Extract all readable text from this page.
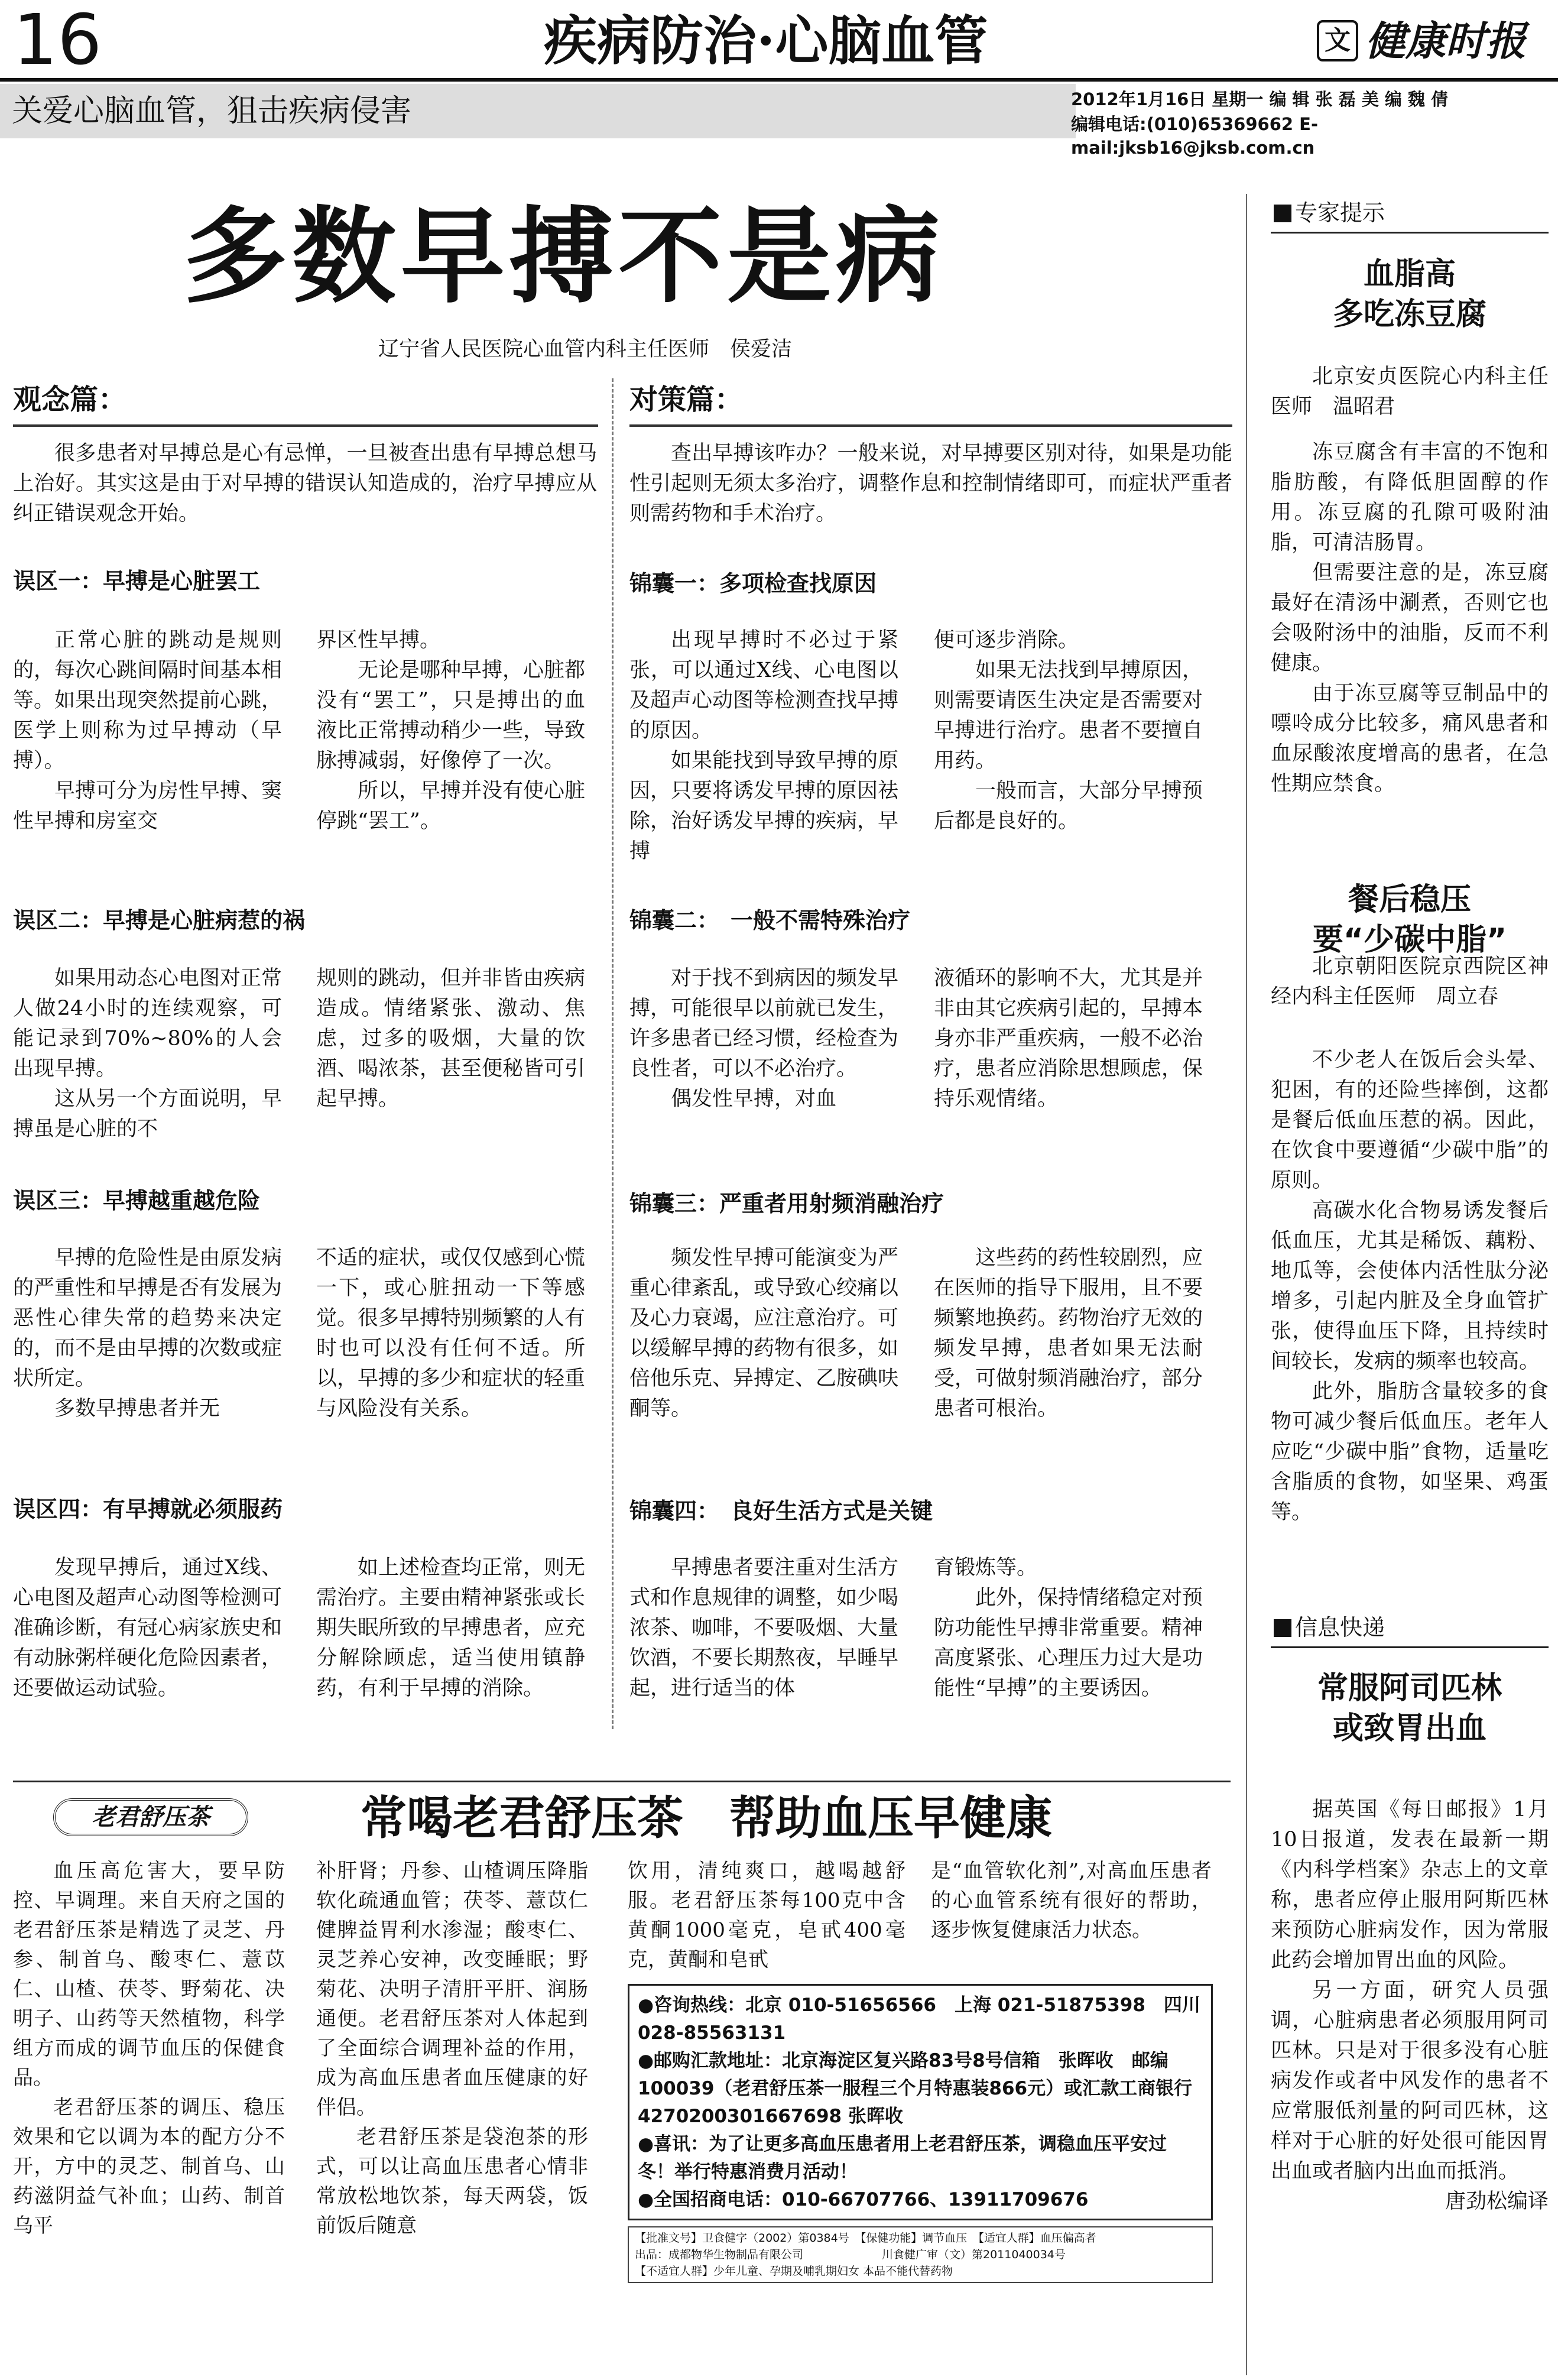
16	疾病防治·心脑血管	文 健康时报
关爱心脑血管，狙击疾病侵害	2012年1月16日 星期一 编 辑 张 磊 美 编 魏 倩
编辑电话:(010)65369662 E-mail:jksb16@jksb.com.cn
多数早搏不是病
辽宁省人民医院心血管内科主任医师　侯爱洁
观念篇：

很多患者对早搏总是心有忌惮，一旦被查出患有早搏总想马上治好。其实这是由于对早搏的错误认知造成的，治疗早搏应从纠正错误观念开始。

误区一：早搏是心脏罢工

正常心脏的跳动是规则的，每次心跳间隔时间基本相等。如果出现突然提前心跳，医学上则称为过早搏动（早搏）。

早搏可分为房性早搏、窦性早搏和房室交

界区性早搏。

无论是哪种早搏，心脏都没有“罢工”，只是搏出的血液比正常搏动稍少一些，导致脉搏减弱，好像停了一次。

所以，早搏并没有使心脏停跳“罢工”。

误区二：早搏是心脏病惹的祸

如果用动态心电图对正常人做24小时的连续观察，可能记录到70%~80%的人会出现早搏。

这从另一个方面说明，早搏虽是心脏的不

规则的跳动，但并非皆由疾病造成。情绪紧张、激动、焦虑，过多的吸烟，大量的饮酒、喝浓茶，甚至便秘皆可引起早搏。

误区三：早搏越重越危险

早搏的危险性是由原发病的严重性和早搏是否有发展为恶性心律失常的趋势来决定的，而不是由早搏的次数或症状所定。

多数早搏患者并无

不适的症状，或仅仅感到心慌一下，或心脏扭动一下等感觉。很多早搏特别频繁的人有时也可以没有任何不适。所以，早搏的多少和症状的轻重与风险没有关系。

误区四：有早搏就必须服药

发现早搏后，通过X线、心电图及超声心动图等检测可准确诊断，有冠心病家族史和有动脉粥样硬化危险因素者，还要做运动试验。

如上述检查均正常，则无需治疗。主要由精神紧张或长期失眠所致的早搏患者，应充分解除顾虑，适当使用镇静药，有利于早搏的消除。

对策篇：

查出早搏该咋办？一般来说，对早搏要区别对待，如果是功能性引起则无须太多治疗，调整作息和控制情绪即可，而症状严重者则需药物和手术治疗。

锦囊一：多项检查找原因

出现早搏时不必过于紧张，可以通过X线、心电图以及超声心动图等检测查找早搏的原因。

如果能找到导致早搏的原因，只要将诱发早搏的原因祛除，治好诱发早搏的疾病，早搏

便可逐步消除。

如果无法找到早搏原因，则需要请医生决定是否需要对早搏进行治疗。患者不要擅自用药。

一般而言，大部分早搏预后都是良好的。

锦囊二：　一般不需特殊治疗

对于找不到病因的频发早搏，可能很早以前就已发生，许多患者已经习惯，经检查为良性者，可以不必治疗。

偶发性早搏，对血

液循环的影响不大，尤其是并非由其它疾病引起的，早搏本身亦非严重疾病，一般不必治疗，患者应消除思想顾虑，保持乐观情绪。

锦囊三：严重者用射频消融治疗

频发性早搏可能演变为严重心律紊乱，或导致心绞痛以及心力衰竭，应注意治疗。可以缓解早搏的药物有很多，如倍他乐克、异搏定、乙胺碘呋酮等。

这些药的药性较剧烈，应在医师的指导下服用，且不要频繁地换药。药物治疗无效的频发早搏，患者如果无法耐受，可做射频消融治疗，部分患者可根治。

锦囊四：　良好生活方式是关键

早搏患者要注重对生活方式和作息规律的调整，如少喝浓茶、咖啡，不要吸烟、大量饮酒，不要长期熬夜，早睡早起，进行适当的体

育锻炼等。

此外，保持情绪稳定对预防功能性早搏非常重要。精神高度紧张、心理压力过大是功能性“早搏”的主要诱因。

老君舒压茶	常喝老君舒压茶　帮助血压早健康

血压高危害大，要早防控、早调理。来自天府之国的老君舒压茶是精选了灵芝、丹参、制首乌、酸枣仁、薏苡仁、山楂、茯苓、野菊花、决明子、山药等天然植物，科学组方而成的调节血压的保健食品。

老君舒压茶的调压、稳压效果和它以调为本的配方分不开，方中的灵芝、制首乌、山药滋阴益气补血；山药、制首乌平

补肝肾；丹参、山楂调压降脂软化疏通血管；茯苓、薏苡仁健脾益胃利水渗湿；酸枣仁、灵芝养心安神，改变睡眠；野菊花、决明子清肝平肝、润肠通便。老君舒压茶对人体起到了全面综合调理补益的作用，成为高血压患者血压健康的好伴侣。

老君舒压茶是袋泡茶的形式，可以让高血压患者心情非常放松地饮茶，每天两袋，饭前饭后随意

饮用，清纯爽口，越喝越舒服。老君舒压茶每100克中含黄酮1000毫克，皂甙400毫克，黄酮和皂甙

是“血管软化剂”,对高血压患者的心血管系统有很好的帮助，逐步恢复健康活力状态。

●咨询热线：北京 010-51656566　上海 021-51875398　四川028-85563131
●邮购汇款地址：北京海淀区复兴路83号8号信箱　张晖收　邮编100039（老君舒压茶一服程三个月特惠装866元）或汇款工商银行4270200301667698 张晖收
●喜讯：为了让更多高血压患者用上老君舒压茶，调稳血压平安过冬！举行特惠消费月活动！
●全国招商电话：010-66707766、13911709676
【批准文号】卫食健字（2002）第0384号　【保健功能】调节血压　【适宜人群】血压偏高者
出品：成都物华生物制品有限公司　　　　　　　川食健广审（文）第2011040034号
【不适宜人群】少年儿童、孕期及哺乳期妇女 本品不能代替药物
专家提示
血脂高
多吃冻豆腐

北京安贞医院心内科主任医师　温昭君

冻豆腐含有丰富的不饱和脂肪酸，有降低胆固醇的作用。冻豆腐的孔隙可吸附油脂，可清洁肠胃。

但需要注意的是，冻豆腐最好在清汤中涮煮，否则它也会吸附汤中的油脂，反而不利健康。

由于冻豆腐等豆制品中的嘌呤成分比较多，痛风患者和血尿酸浓度增高的患者，在急性期应禁食。

餐后稳压
要“少碳中脂”

北京朝阳医院京西院区神经内科主任医师　周立春

不少老人在饭后会头晕、犯困，有的还险些摔倒，这都是餐后低血压惹的祸。因此，在饮食中要遵循“少碳中脂”的原则。

高碳水化合物易诱发餐后低血压，尤其是稀饭、藕粉、地瓜等，会使体内活性肽分泌增多，引起内脏及全身血管扩张，使得血压下降，且持续时间较长，发病的频率也较高。

此外，脂肪含量较多的食物可减少餐后低血压。老年人应吃“少碳中脂”食物，适量吃含脂质的食物，如坚果、鸡蛋等。

信息快递
常服阿司匹林
或致胃出血

据英国《每日邮报》1月10日报道，发表在最新一期《内科学档案》杂志上的文章称，患者应停止服用阿斯匹林来预防心脏病发作，因为常服此药会增加胃出血的风险。

另一方面，研究人员强调，心脏病患者必须服用阿司匹林。只是对于很多没有心脏病发作或者中风发作的患者不应常服低剂量的阿司匹林，这样对于心脏的好处很可能因胃出血或者脑内出血而抵消。

唐劲松编译
